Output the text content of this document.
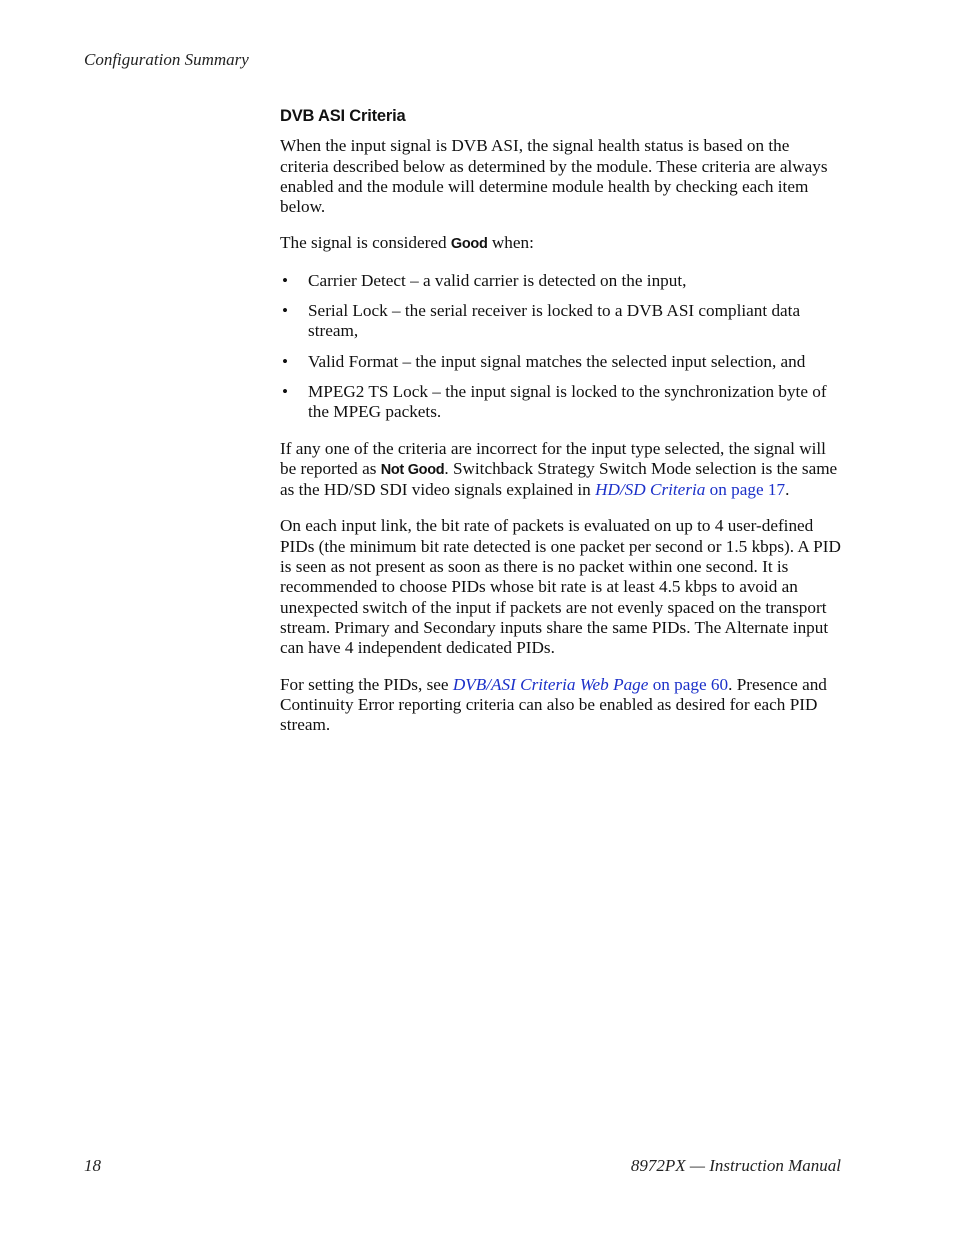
Configuration Summary
DVB ASI Criteria

When the input signal is DVB ASI, the signal health status is based on the criteria described below as determined by the module. These criteria are always enabled and the module will determine module health by checking each item below.

The signal is considered Good when:

• Carrier Detect – a valid carrier is detected on the input,
• Serial Lock – the serial receiver is locked to a DVB ASI compliant data stream,
• Valid Format – the input signal matches the selected input selection, and
• MPEG2 TS Lock – the input signal is locked to the synchronization byte of the MPEG packets.

If any one of the criteria are incorrect for the input type selected, the signal will be reported as Not Good. Switchback Strategy Switch Mode selection is the same as the HD/SD SDI video signals explained in HD/SD Criteria on page 17.

On each input link, the bit rate of packets is evaluated on up to 4 user-defined PIDs (the minimum bit rate detected is one packet per second or 1.5 kbps). A PID is seen as not present as soon as there is no packet within one second. It is recommended to choose PIDs whose bit rate is at least 4.5 kbps to avoid an unexpected switch of the input if packets are not evenly spaced on the transport stream. Primary and Secondary inputs share the same PIDs. The Alternate input can have 4 independent dedicated PIDs.

For setting the PIDs, see DVB/ASI Criteria Web Page on page 60. Presence and Continuity Error reporting criteria can also be enabled as desired for each PID stream.

18	8972PX — Instruction Manual
